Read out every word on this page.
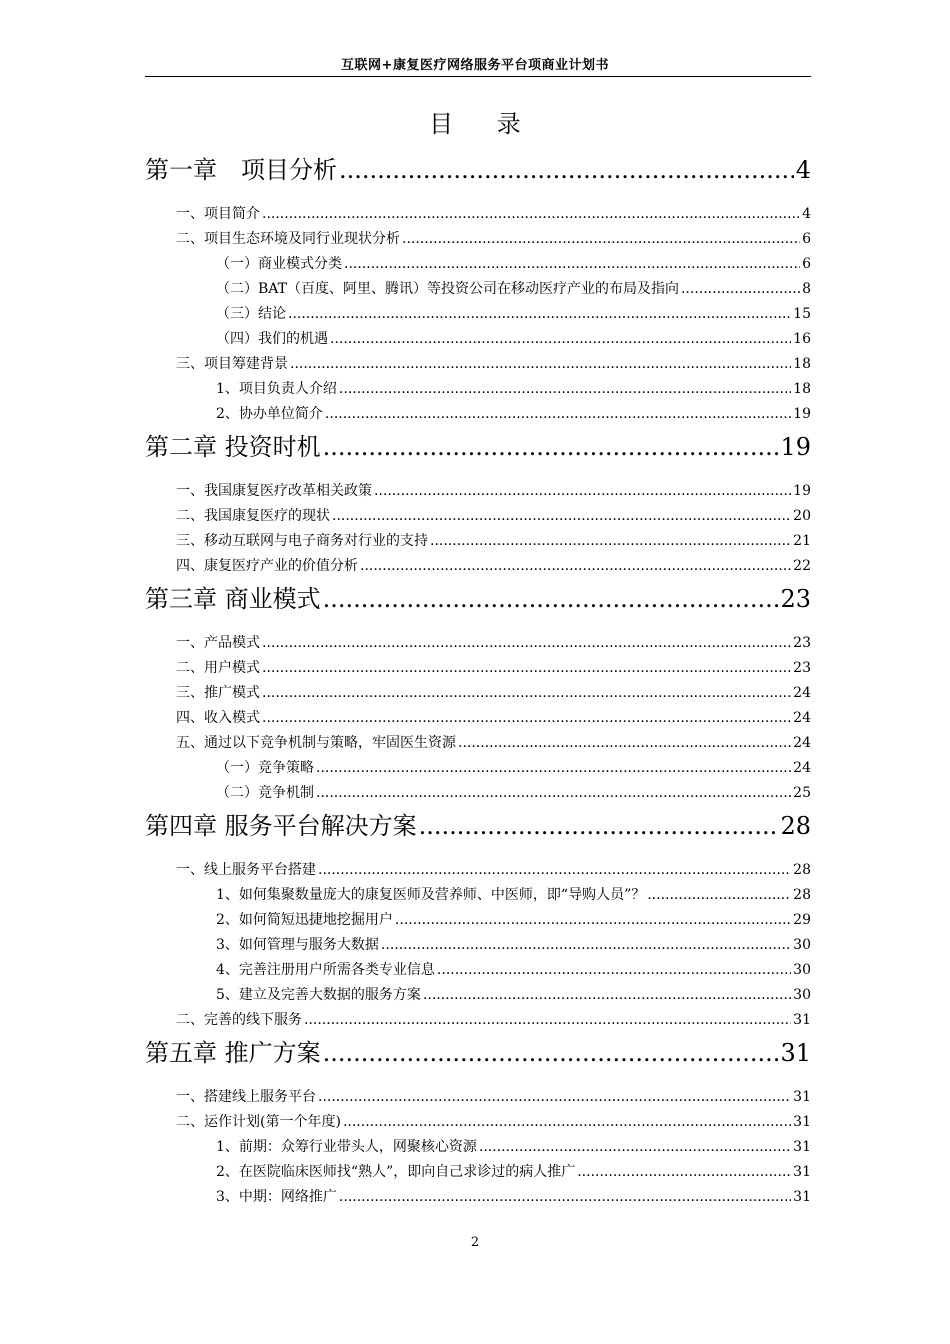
互联网+康复医疗网络服务平台项商业计划书
目 录
第一章　项目分析 .....	4
一、项目简介 .....	4
二、项目生态环境及同行业现状分析 .....	6
（一）商业模式分类 .....	6
（二）BAT（百度、阿里、腾讯）等投资公司在移动医疗产业的布局及指向 .....	8
（三）结论 .....	15
（四）我们的机遇 .....	16
三、项目筹建背景 .....	18
1、项目负责人介绍 .....	18
2、协办单位简介 .....	19
第二章 投资时机 .....	19
一、我国康复医疗改革相关政策 .....	19
二、我国康复医疗的现状 .....	20
三、移动互联网与电子商务对行业的支持 .....	21
四、康复医疗产业的价值分析 .....	22
第三章 商业模式 .....	23
一、产品模式 .....	23
二、用户模式 .....	23
三、推广模式 .....	24
四、收入模式 .....	24
五、通过以下竞争机制与策略，牢固医生资源 .....	24
（一）竞争策略 .....	24
（二）竞争机制 .....	25
第四章 服务平台解决方案 .....	28
一、线上服务平台搭建 .....	28
1、如何集聚数量庞大的康复医师及营养师、中医师，即“导购人员”？ .....	28
2、如何简短迅捷地挖掘用户 .....	29
3、如何管理与服务大数据 .....	30
4、完善注册用户所需各类专业信息 .....	30
5、建立及完善大数据的服务方案 .....	30
二、完善的线下服务 .....	31
第五章 推广方案 .....	31
一、搭建线上服务平台 .....	31
二、运作计划(第一个年度) .....	31
1、前期：众筹行业带头人，网聚核心资源 .....	31
2、在医院临床医师找“熟人”，即向自己求诊过的病人推广 .....	31
3、中期：网络推广 .....	31
2
